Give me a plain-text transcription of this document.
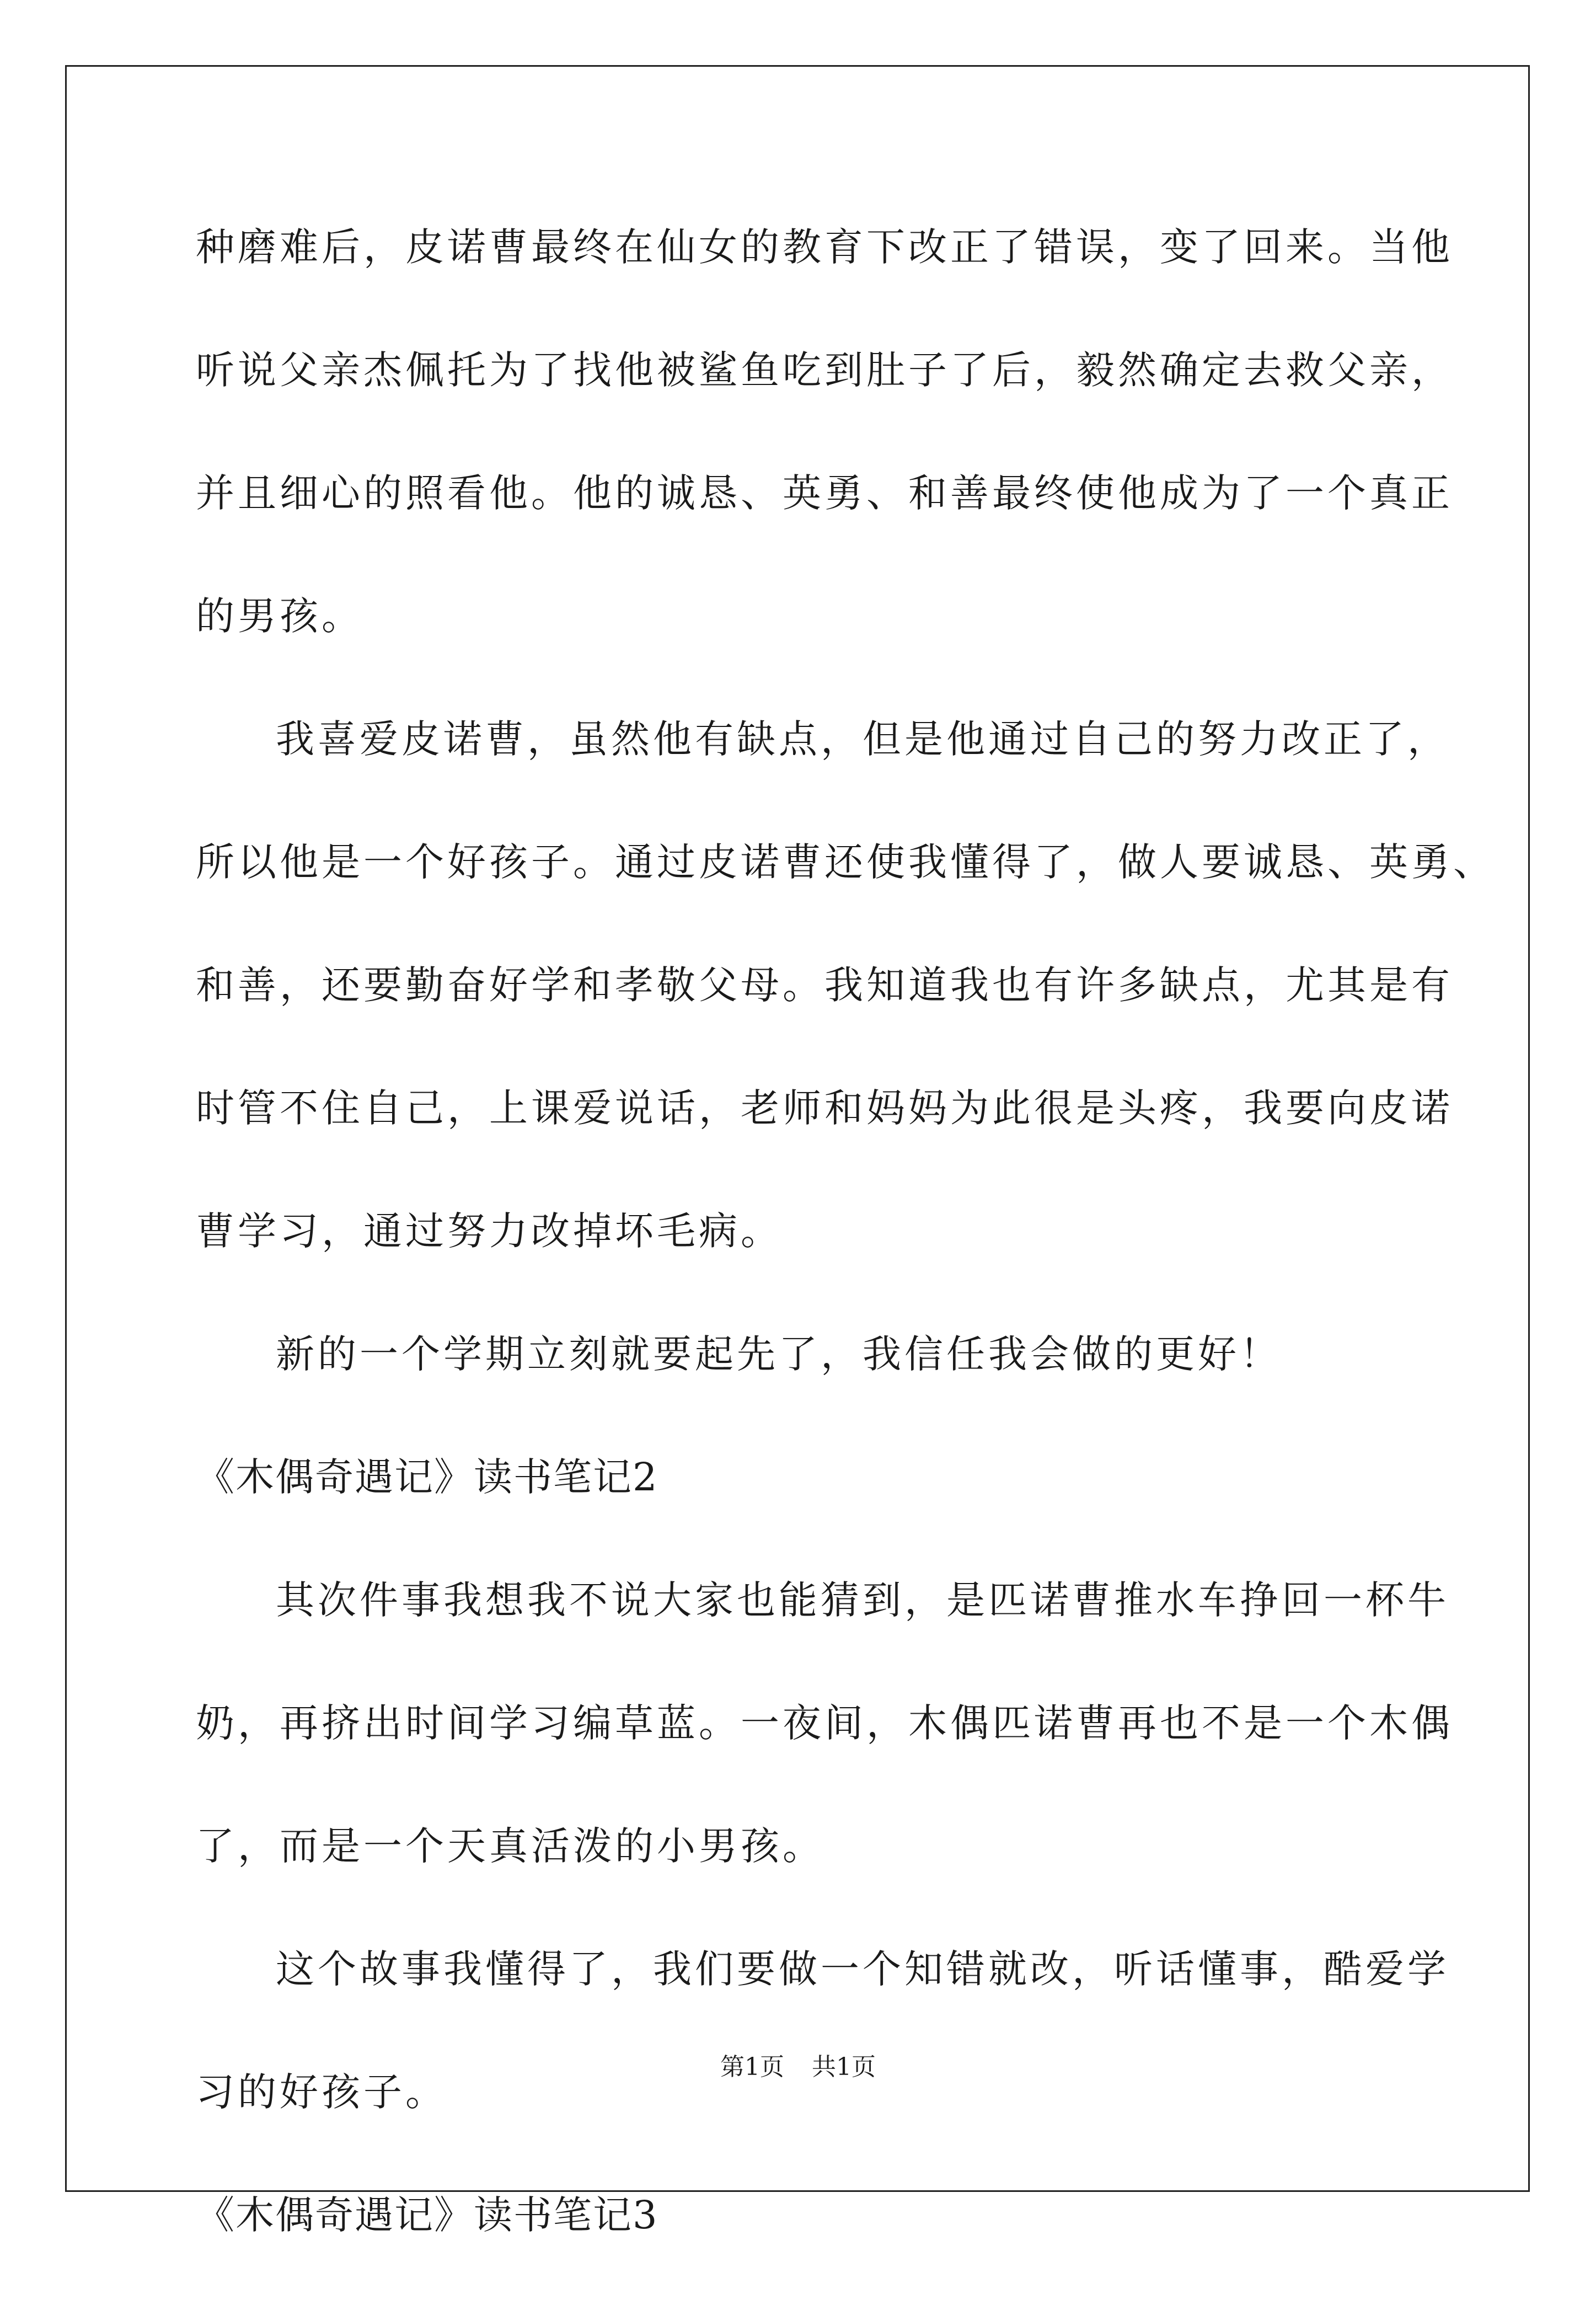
种磨难后，皮诺曹最终在仙女的教育下改正了错误，变了回来。当他
听说父亲杰佩托为了找他被鲨鱼吃到肚子了后，毅然确定去救父亲，
并且细心的照看他。他的诚恳、英勇、和善最终使他成为了一个真正
的男孩。
我喜爱皮诺曹，虽然他有缺点，但是他通过自己的努力改正了，
所以他是一个好孩子。通过皮诺曹还使我懂得了，做人要诚恳、英勇、
和善，还要勤奋好学和孝敬父母。我知道我也有许多缺点，尤其是有
时管不住自己，上课爱说话，老师和妈妈为此很是头疼，我要向皮诺
曹学习，通过努力改掉坏毛病。
新的一个学期立刻就要起先了，我信任我会做的更好！
《木偶奇遇记》读书笔记2
其次件事我想我不说大家也能猜到，是匹诺曹推水车挣回一杯牛
奶，再挤出时间学习编草蓝。一夜间，木偶匹诺曹再也不是一个木偶
了，而是一个天真活泼的小男孩。
这个故事我懂得了，我们要做一个知错就改，听话懂事，酷爱学
习的好孩子。
《木偶奇遇记》读书笔记3
第1页 共1页
